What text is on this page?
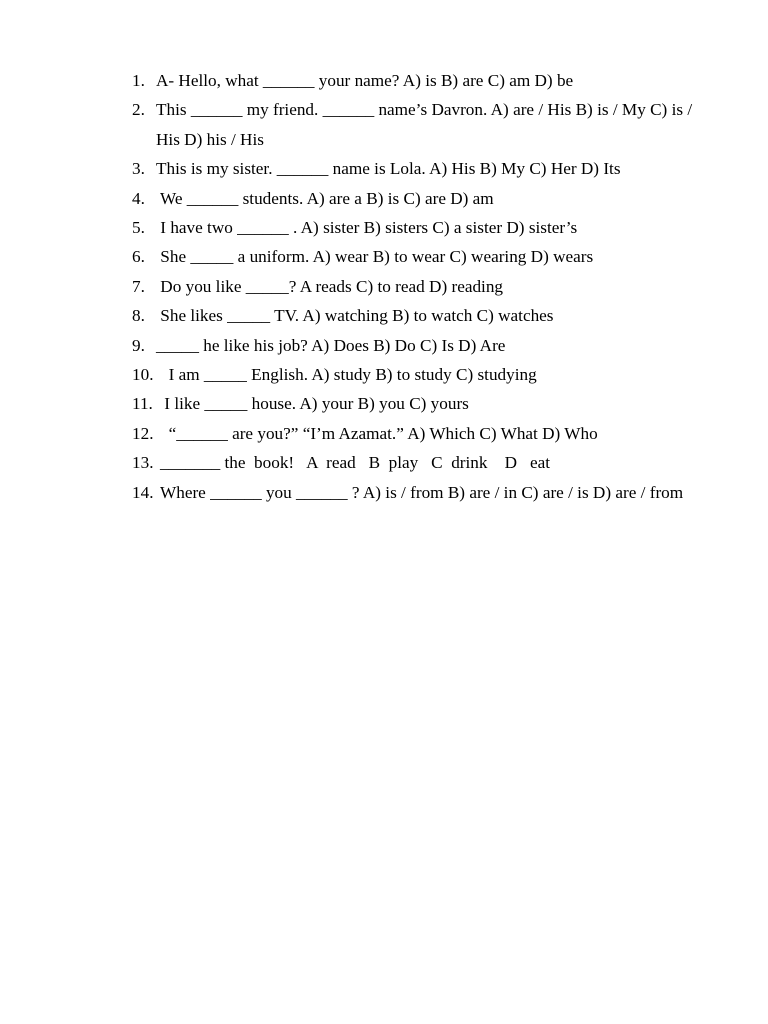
1. A- Hello, what ______ your name? A) is B) are C) am D) be
2. This ______ my friend. ______ name’s Davron. A) are / His B) is / My C) is / His D) his / His
3. This is my sister. ______ name is Lola. A) His B) My C) Her D) Its
4. We ______ students. A) are a B) is C) are D) am
5. I have two ______ . A) sister B) sisters C) a sister D) sister’s
6. She _____ a uniform. A) wear B) to wear C) wearing D) wears
7. Do you like _____? A reads C) to read D) reading
8. She likes _____ TV. A) watching B) to watch C) watches
9. _____ he like his job? A) Does B) Do C) Is D) Are
10. I am _____ English. A) study B) to study C) studying
11. I like _____ house. A) your B) you C) yours
12. “______ are you?” “I’m Azamat.” A) Which C) What D) Who
13. _______ the  book!   A  read   B  play   C  drink    D   eat
14. Where ______ you ______ ? A) is / from B) are / in C) are / is D) are / from
